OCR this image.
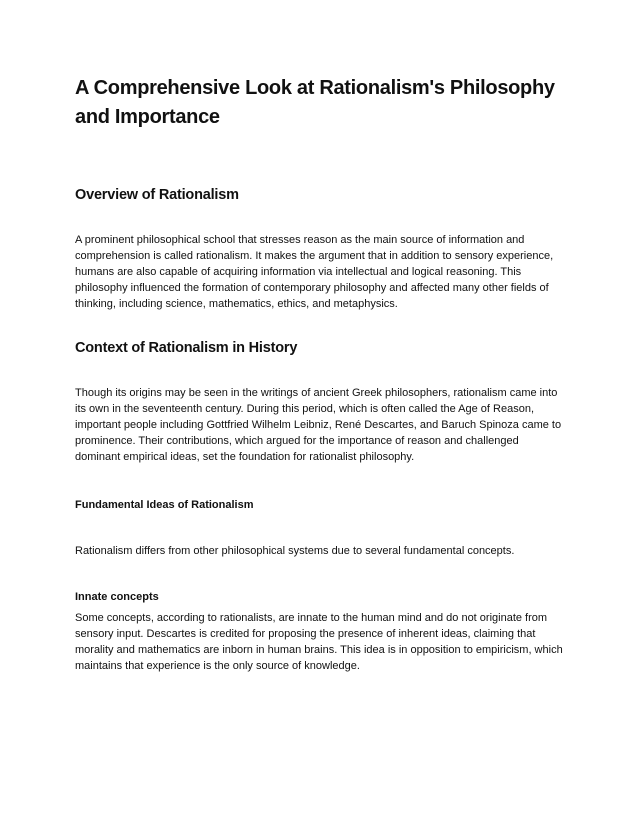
A Comprehensive Look at Rationalism's Philosophy and Importance
Overview of Rationalism

A prominent philosophical school that stresses reason as the main source of information and comprehension is called rationalism. It makes the argument that in addition to sensory experience, humans are also capable of acquiring information via intellectual and logical reasoning. This philosophy influenced the formation of contemporary philosophy and affected many other fields of thinking, including science, mathematics, ethics, and metaphysics.

Context of Rationalism in History

Though its origins may be seen in the writings of ancient Greek philosophers, rationalism came into its own in the seventeenth century. During this period, which is often called the Age of Reason, important people including Gottfried Wilhelm Leibniz, René Descartes, and Baruch Spinoza came to prominence. Their contributions, which argued for the importance of reason and challenged dominant empirical ideas, set the foundation for rationalist philosophy.

Fundamental Ideas of Rationalism

Rationalism differs from other philosophical systems due to several fundamental concepts.

Innate concepts

Some concepts, according to rationalists, are innate to the human mind and do not originate from sensory input. Descartes is credited for proposing the presence of inherent ideas, claiming that morality and mathematics are inborn in human brains. This idea is in opposition to empiricism, which maintains that experience is the only source of knowledge.
